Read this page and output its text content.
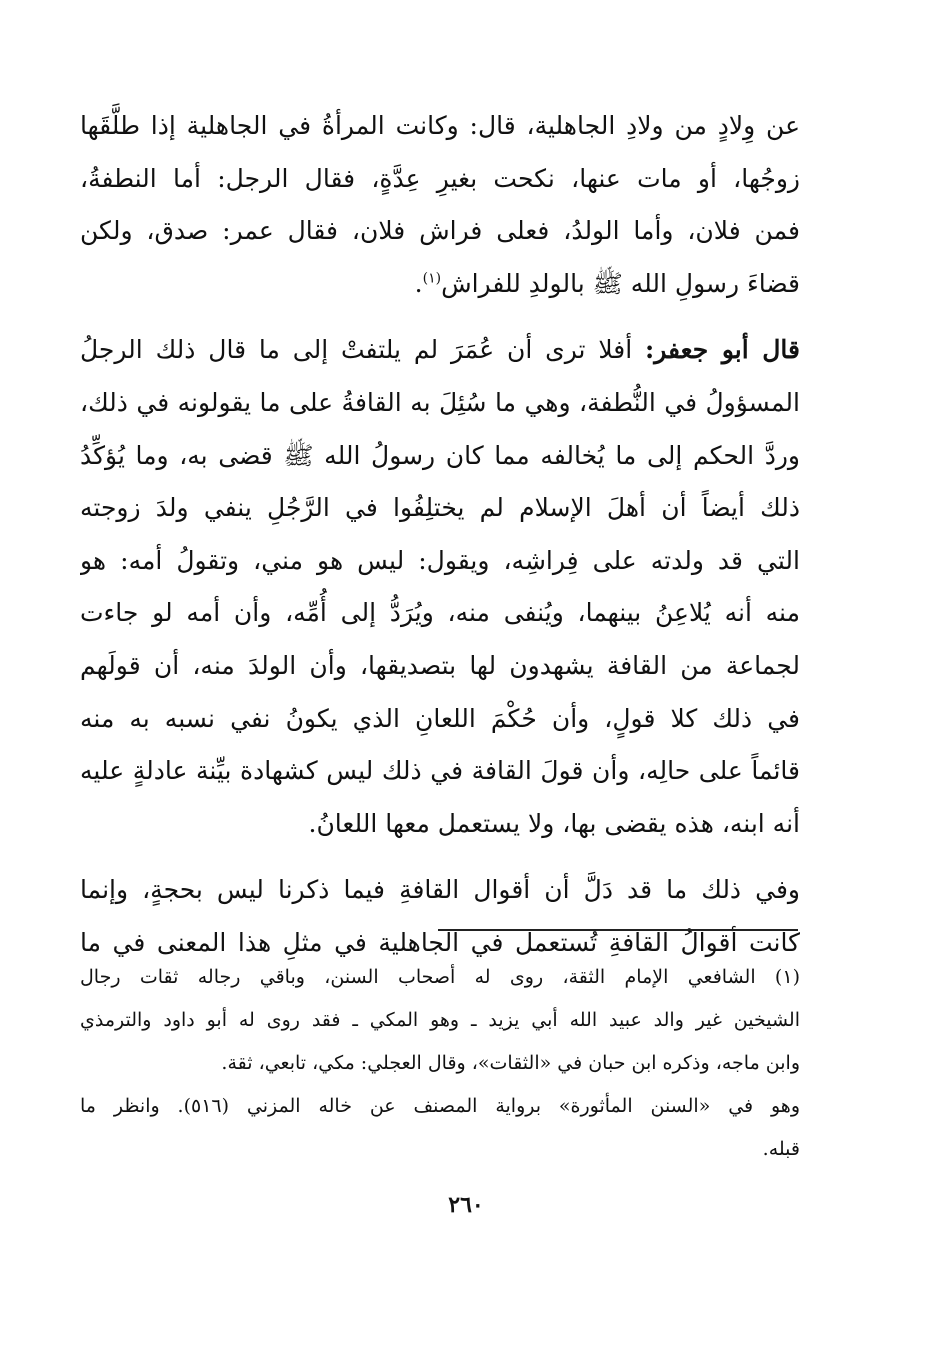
عن وِلادٍ من ولادِ الجاهلية، قال: وكانت المرأةُ في الجاهلية إذا طلَّقَها
زوجُها، أو مات عنها، نكحت بغيرِ عِدَّةٍ، فقال الرجل: أما النطفةُ،
فمن فلان، وأما الولدُ، فعلى فراش فلان، فقال عمر: صدق، ولكن
قضاءَ رسولِ الله ﷺ بالولدِ للفراش$^{(١)}$.
قال أبو جعفر: أفلا ترى أن عُمَرَ لم يلتفتْ إلى ما قال ذلك الرجلُ
المسؤولُ في النُّطفة، وهي ما سُئِلَ به القافةُ على ما يقولونه في ذلك،
وردَّ الحكم إلى ما يُخالفه مما كان رسولُ الله ﷺ قضى به، وما يُؤكِّدُ
ذلك أيضاً أن أهلَ الإسلام لم يختلِفُوا في الرَّجُلِ ينفي ولدَ زوجته
التي قد ولدته على فِراشِه، ويقول: ليس هو مني، وتقولُ أمه: هو
منه أنه يُلاعِنُ بينهما، ويُنفى منه، ويُرَدُّ إلى أُمِّه، وأن أمه لو جاءت
لجماعة من القافة يشهدون لها بتصديقها، وأن الولدَ منه، أن قولَهم
في ذلك كلا قولٍ، وأن حُكْمَ اللعانِ الذي يكونُ نفي نسبه به منه
قائماً على حالِه، وأن قولَ القافة في ذلك ليس كشهادة بيِّنة عادلةٍ عليه
أنه ابنه، هذه يقضى بها، ولا يستعمل معها اللعانُ.
وفي ذلك ما قد دَلَّ أن أقوال القافةِ فيما ذكرنا ليس بحجةٍ، وإنما
كانت أقوالُ القافةِ تُستعمل في الجاهلية في مثلِ هذا المعنى في ما
(١) الشافعي الإمام الثقة، روى له أصحاب السنن، وباقي رجاله ثقات رجال
الشيخين غير والد عبيد الله أبي يزيد ـ وهو المكي ـ فقد روى له أبو داود والترمذي
وابن ماجه، وذكره ابن حبان في «الثقات»، وقال العجلي: مكي، تابعي، ثقة.
وهو في «السنن المأثورة» برواية المصنف عن خاله المزني (٥١٦). وانظر ما
قبله.
٢٦٠
